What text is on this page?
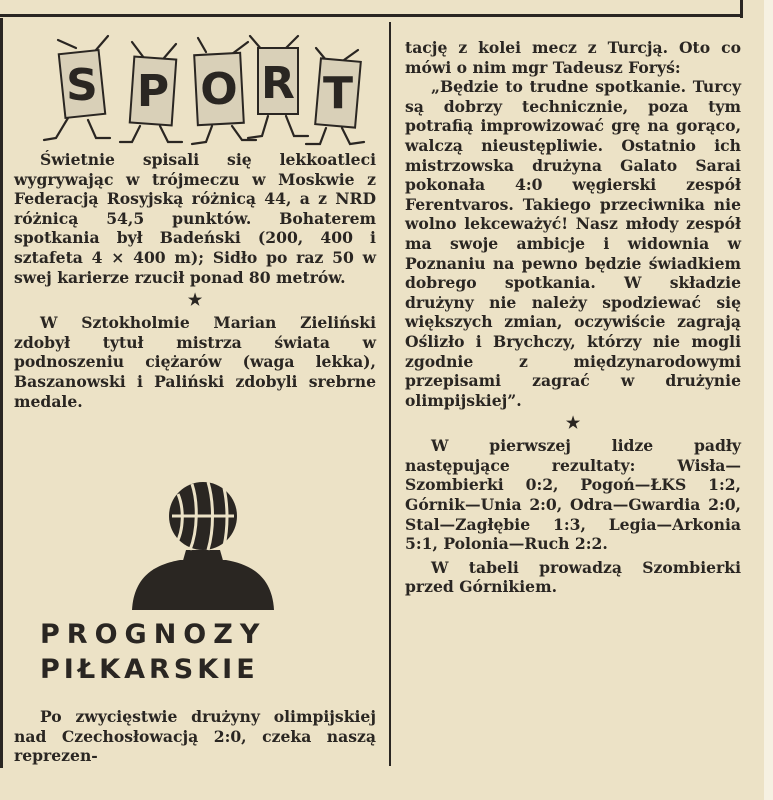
S P O R T

Świetnie spisali się lekkoatleci wygrywając w trójmeczu w Moskwie z Federacją Rosyjską różnicą 44, a z NRD różnicą 54,5 punktów. Bohaterem spotkania był Badeński (200, 400 i sztafeta 4 × 400 m); Sidło po raz 50 w swej karierze rzucił ponad 80 metrów.

★

W Sztokholmie Marian Zieliński zdobył tytuł mistrza świata w podnoszeniu ciężarów (waga lekka), Baszanowski i Paliński zdobyli srebrne medale.

PROGNOZY
PIŁKARSKIE

Po zwycięstwie drużyny olimpijskiej nad Czechosłowacją 2:0, czeka naszą reprezen-

tację z kolei mecz z Turcją. Oto co mówi o nim mgr Tadeusz Foryś:

„Będzie to trudne spotkanie. Turcy są dobrzy technicznie, poza tym potrafią improwizować grę na gorąco, walczą nieustępliwie. Ostatnio ich mistrzowska drużyna Galato Sarai pokonała 4:0 węgierski zespół Ferentvaros. Takiego przeciwnika nie wolno lekceważyć! Nasz młody zespół ma swoje ambicje i widownia w Poznaniu na pewno będzie świadkiem dobrego spotkania. W składzie drużyny nie należy spodziewać się większych zmian, oczywiście zagrają Oślizło i Brychczy, którzy nie mogli zgodnie z międzynarodowymi przepisami zagrać w drużynie olimpijskiej”.

★

W pierwszej lidze padły następujące rezultaty: Wisła—Szombierki 0:2, Pogoń—ŁKS 1:2, Górnik—Unia 2:0, Odra—Gwardia 2:0, Stal—Zagłębie 1:3, Legia—Arkonia 5:1, Polonia—Ruch 2:2.

W tabeli prowadzą Szombierki przed Górnikiem.
